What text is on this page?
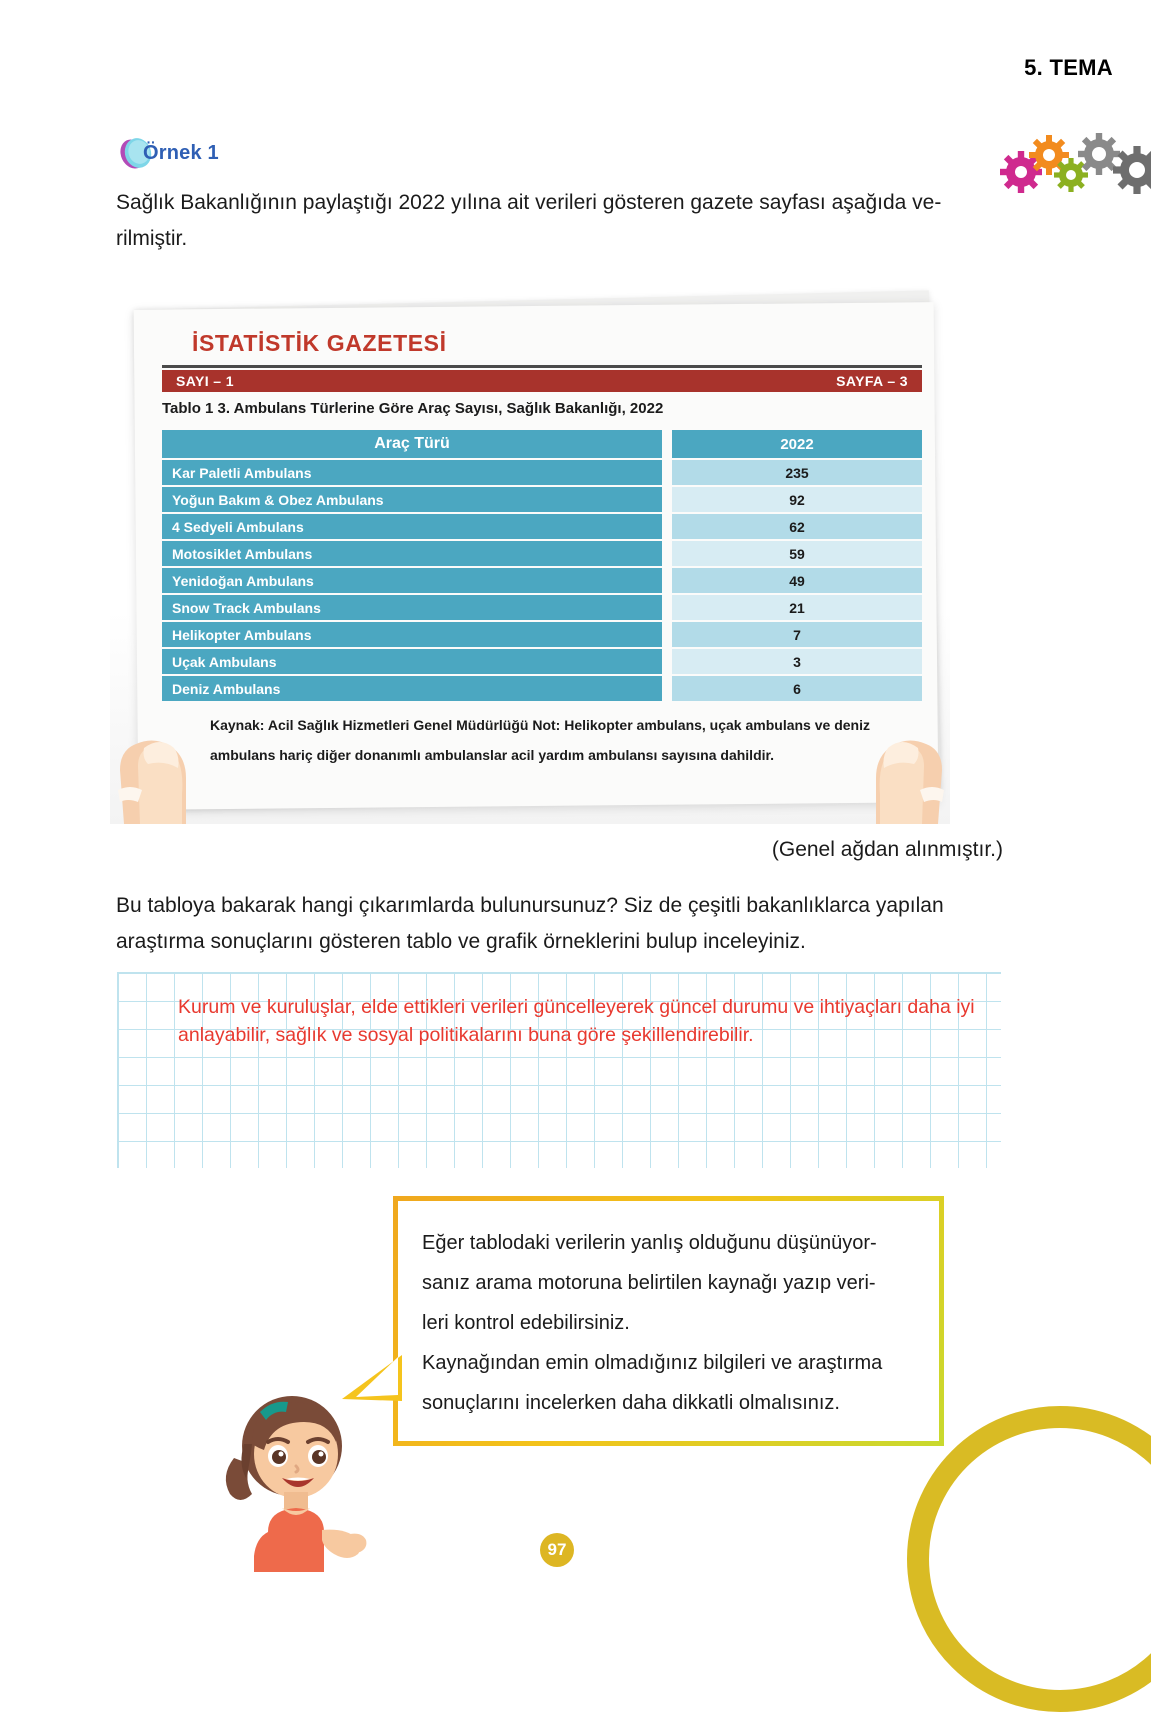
5. TEMA
Örnek 1
Sağlık Bakanlığının paylaştığı 2022 yılına ait verileri gösteren gazete sayfası aşağıda ve-rilmiştir.
İSTATİSTİK GAZETESİ
SAYI – 1	SAYFA – 3
Tablo 1 3. Ambulans Türlerine Göre Araç Sayısı, Sağlık Bakanlığı, 2022
Araç Türü		2022
Kar Paletli Ambulans		235
Yoğun Bakım & Obez Ambulans		92
4 Sedyeli Ambulans		62
Motosiklet Ambulans		59
Yenidoğan Ambulans		49
Snow Track Ambulans		21
Helikopter Ambulans		7
Uçak Ambulans		3
Deniz Ambulans		6
Kaynak: Acil Sağlık Hizmetleri Genel Müdürlüğü Not: Helikopter ambulans, uçak ambulans ve deniz ambulans hariç diğer donanımlı ambulanslar acil yardım ambulansı sayısına dahildir.
(Genel ağdan alınmıştır.)
Bu tabloya bakarak hangi çıkarımlarda bulunursunuz? Siz de çeşitli bakanlıklarca yapılan araştırma sonuçlarını gösteren tablo ve grafik örneklerini bulup inceleyiniz.
Kurum ve kuruluşlar, elde ettikleri verileri güncelleyerek güncel durumu ve ihtiyaçları daha iyi anlayabilir, sağlık ve sosyal politikalarını buna göre şekillendirebilir.
Eğer tablodaki verilerin yanlış olduğunu düşünüyor-
sanız arama motoruna belirtilen kaynağı yazıp veri-
leri kontrol edebilirsiniz.
Kaynağından emin olmadığınız bilgileri ve araştırma
sonuçlarını incelerken daha dikkatli olmalısınız.
97
